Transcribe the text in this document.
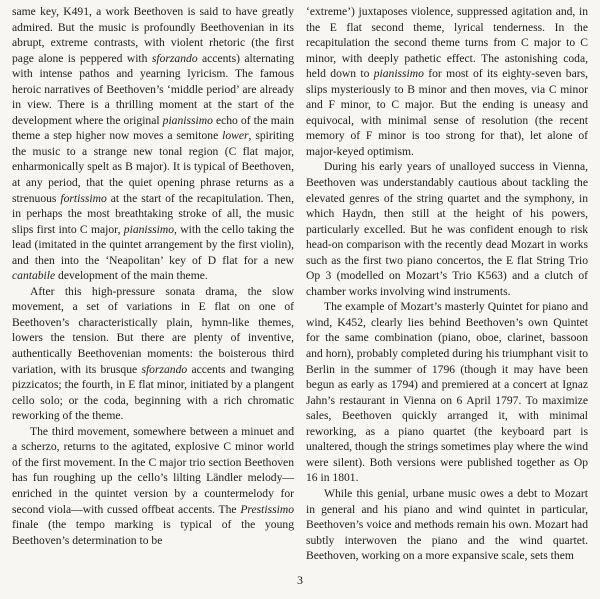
same key, K491, a work Beethoven is said to have greatly admired. But the music is profoundly Beethovenian in its abrupt, extreme contrasts, with violent rhetoric (the first page alone is peppered with sforzando accents) alternating with intense pathos and yearning lyricism. The famous heroic narratives of Beethoven’s ‘middle period’ are already in view. There is a thrilling moment at the start of the development where the original pianissimo echo of the main theme a step higher now moves a semitone lower, spiriting the music to a strange new tonal region (C flat major, enharmonically spelt as B major). It is typical of Beethoven, at any period, that the quiet opening phrase returns as a strenuous fortissimo at the start of the recapitulation. Then, in perhaps the most breathtaking stroke of all, the music slips first into C major, pianissimo, with the cello taking the lead (imitated in the quintet arrangement by the first violin), and then into the ‘Neapolitan’ key of D flat for a new cantabile development of the main theme.

After this high-pressure sonata drama, the slow movement, a set of variations in E flat on one of Beethoven’s characteristically plain, hymn-like themes, lowers the tension. But there are plenty of inventive, authentically Beethovenian moments: the boisterous third variation, with its brusque sforzando accents and twanging pizzicatos; the fourth, in E flat minor, initiated by a plangent cello solo; or the coda, beginning with a rich chromatic reworking of the theme.

The third movement, somewhere between a minuet and a scherzo, returns to the agitated, explosive C minor world of the first movement. In the C major trio section Beethoven has fun roughing up the cello’s lilting Ländler melody—enriched in the quintet version by a countermelody for second viola—with cussed offbeat accents. The Prestissimo finale (the tempo marking is typical of the young Beethoven’s determination to be

‘extreme’) juxtaposes violence, suppressed agitation and, in the E flat second theme, lyrical tenderness. In the recapitulation the second theme turns from C major to C minor, with deeply pathetic effect. The astonishing coda, held down to pianissimo for most of its eighty-seven bars, slips mysteriously to B minor and then moves, via C minor and F minor, to C major. But the ending is uneasy and equivocal, with minimal sense of resolution (the recent memory of F minor is too strong for that), let alone of major-keyed optimism.

During his early years of unalloyed success in Vienna, Beethoven was understandably cautious about tackling the elevated genres of the string quartet and the symphony, in which Haydn, then still at the height of his powers, particularly excelled. But he was confident enough to risk head-on comparison with the recently dead Mozart in works such as the first two piano concertos, the E flat String Trio Op 3 (modelled on Mozart’s Trio K563) and a clutch of chamber works involving wind instruments.

The example of Mozart’s masterly Quintet for piano and wind, K452, clearly lies behind Beethoven’s own Quintet for the same combination (piano, oboe, clarinet, bassoon and horn), probably completed during his triumphant visit to Berlin in the summer of 1796 (though it may have been begun as early as 1794) and premiered at a concert at Ignaz Jahn’s restaurant in Vienna on 6 April 1797. To maximize sales, Beethoven quickly arranged it, with minimal reworking, as a piano quartet (the keyboard part is unaltered, though the strings sometimes play where the wind were silent). Both versions were published together as Op 16 in 1801.

While this genial, urbane music owes a debt to Mozart in general and his piano and wind quintet in particular, Beethoven’s voice and methods remain his own. Mozart had subtly interwoven the piano and the wind quartet. Beethoven, working on a more expansive scale, sets them

3
